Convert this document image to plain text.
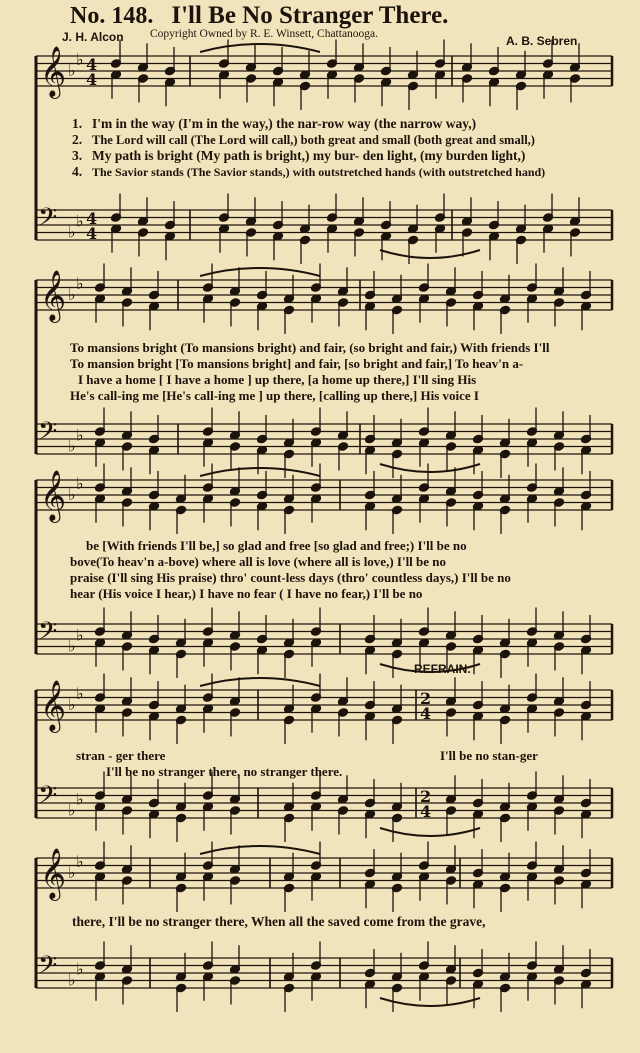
No. 148. I'll Be No Stranger There.
J. H. Alcon Copyright Owned by R. E. Winsett, Chattanooga.	A. B. Sebren
𝄞
𝄢
♭
♭
♭
♭
4
4
4
4
𝄞
𝄢
♭
♭
♭
♭
𝄞
𝄢
♭
♭
♭
♭
𝄞
𝄢
♭
♭
♭
♭
2
4
2
4
𝄞
𝄢
♭
♭
♭
♭
1. I'm in the way (I'm in the way,) the nar-row way (the narrow way,)
2. The Lord will call (The Lord will call,) both great and small (both great and small,)
3. My path is bright (My path is bright,) my bur- den light, (my burden light,)
4. The Savior stands (The Savior stands,) with outstretched hands (with outstretched hand)
To mansions bright (To mansions bright) and fair, (so bright and fair,) With friends I'll
To mansion bright [To mansions bright] and fair, [so bright and fair,] To heav'n a-
I have a home [ I have a home ] up there, [a home up there,] I'll sing His
He's call-ing me [He's call-ing me ] up there, [calling up there,] His voice I
be [With friends I'll be,] so glad and free [so glad and free;) I'll be no
bove(To heav'n a-bove) where all is love (where all is love,) I'll be no
praise (I'll sing His praise) thro' count-less days (thro' countless days,) I'll be no
hear (His voice I hear,) I have no fear ( I have no fear,) I'll be no
REFRAIN.
stran - ger there	I'll be no stan-ger
I'll be no stranger there, no stranger there.
there, I'll be no stranger there, When all the saved come from the grave,
